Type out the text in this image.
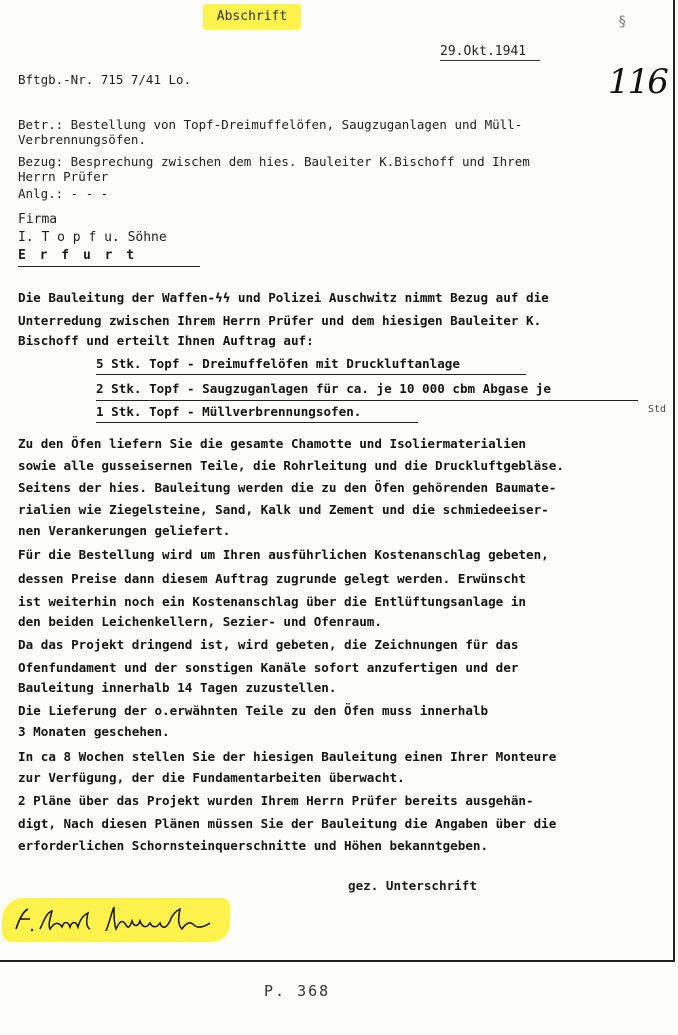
Abschrift	§
29.Okt.1941
116
Bftgb.-Nr. 715 7/41 Lo.
Betr.: Bestellung von Topf-Dreimuffelöfen, Saugzuganlagen und Müll-
Verbrennungsöfen.
Bezug: Besprechung zwischen dem hies. Bauleiter K.Bischoff und Ihrem
Herrn Prüfer
Anlg.: - - -
Firma
I. T o p f u. Söhne
E r f u r t
Die Bauleitung der Waffen-ϟϟ und Polizei Auschwitz nimmt Bezug auf die
Unterredung zwischen Ihrem Herrn Prüfer und dem hiesigen Bauleiter K.
Bischoff und erteilt Ihnen Auftrag auf:
5 Stk. Topf - Dreimuffelöfen mit Druckluftanlage
2 Stk. Topf - Saugzuganlagen für ca. je 10 000 cbm Abgase je
1 Stk. Topf - Müllverbrennungsofen.	Std
Zu den Öfen liefern Sie die gesamte Chamotte und Isoliermaterialien
sowie alle gusseisernen Teile, die Rohrleitung und die Druckluftgebläse.
Seitens der hies. Bauleitung werden die zu den Öfen gehörenden Baumate-
rialien wie Ziegelsteine, Sand, Kalk und Zement und die schmiedeeiser-
nen Verankerungen geliefert.
Für die Bestellung wird um Ihren ausführlichen Kostenanschlag gebeten,
dessen Preise dann diesem Auftrag zugrunde gelegt werden. Erwünscht
ist weiterhin noch ein Kostenanschlag über die Entlüftungsanlage in
den beiden Leichenkellern, Sezier- und Ofenraum.
Da das Projekt dringend ist, wird gebeten, die Zeichnungen für das
Ofenfundament und der sonstigen Kanäle sofort anzufertigen und der
Bauleitung innerhalb 14 Tagen zuzustellen.
Die Lieferung der o.erwähnten Teile zu den Öfen muss innerhalb
3 Monaten geschehen.
In ca 8 Wochen stellen Sie der hiesigen Bauleitung einen Ihrer Monteure
zur Verfügung, der die Fundamentarbeiten überwacht.
2 Pläne über das Projekt wurden Ihrem Herrn Prüfer bereits ausgehän-
digt, Nach diesen Plänen müssen Sie der Bauleitung die Angaben über die
erforderlichen Schornsteinquerschnitte und Höhen bekanntgeben.
gez. Unterschrift
P. 368
